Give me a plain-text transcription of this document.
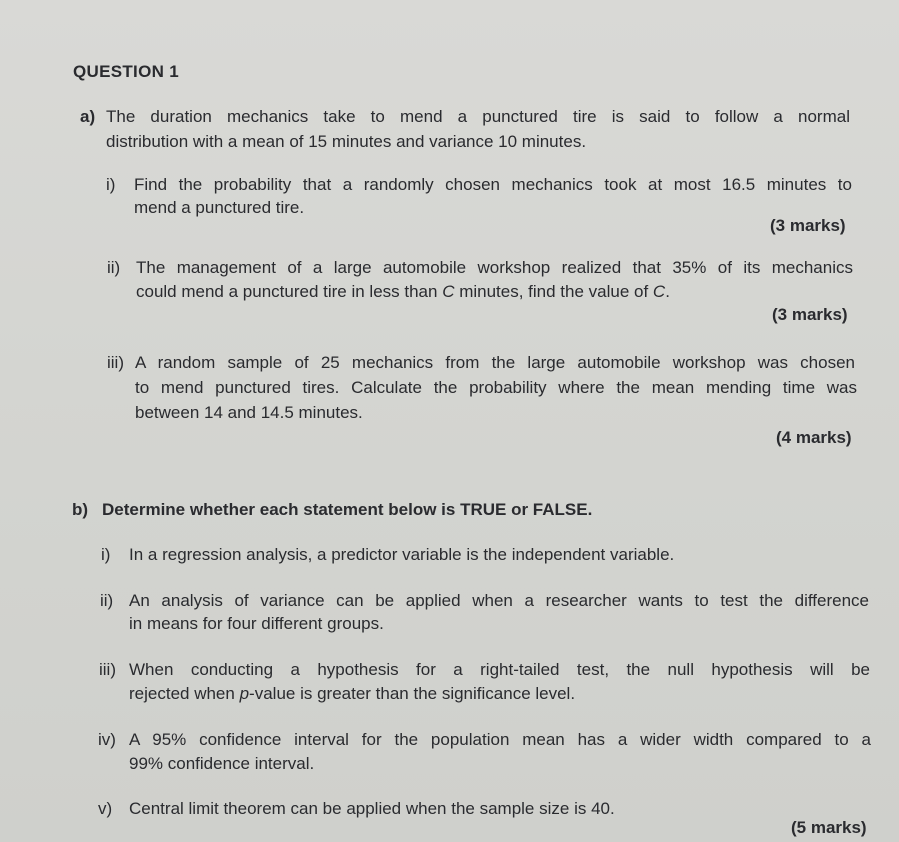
QUESTION 1
a) The duration mechanics take to mend a punctured tire is said to follow a normal
distribution with a mean of 15 minutes and variance 10 minutes.
i) Find the probability that a randomly chosen mechanics took at most 16.5 minutes to
mend a punctured tire.
(3 marks)
ii) The management of a large automobile workshop realized that 35% of its mechanics
could mend a punctured tire in less than C minutes, find the value of C.
(3 marks)
iii) A random sample of 25 mechanics from the large automobile workshop was chosen
to mend punctured tires. Calculate the probability where the mean mending time was
between 14 and 14.5 minutes.
(4 marks)
b) Determine whether each statement below is TRUE or FALSE.
i) In a regression analysis, a predictor variable is the independent variable.
ii) An analysis of variance can be applied when a researcher wants to test the difference
in means for four different groups.
iii) When conducting a hypothesis for a right-tailed test, the null hypothesis will be
rejected when p-value is greater than the significance level.
iv) A 95% confidence interval for the population mean has a wider width compared to a
99% confidence interval.
v) Central limit theorem can be applied when the sample size is 40.
(5 marks)
